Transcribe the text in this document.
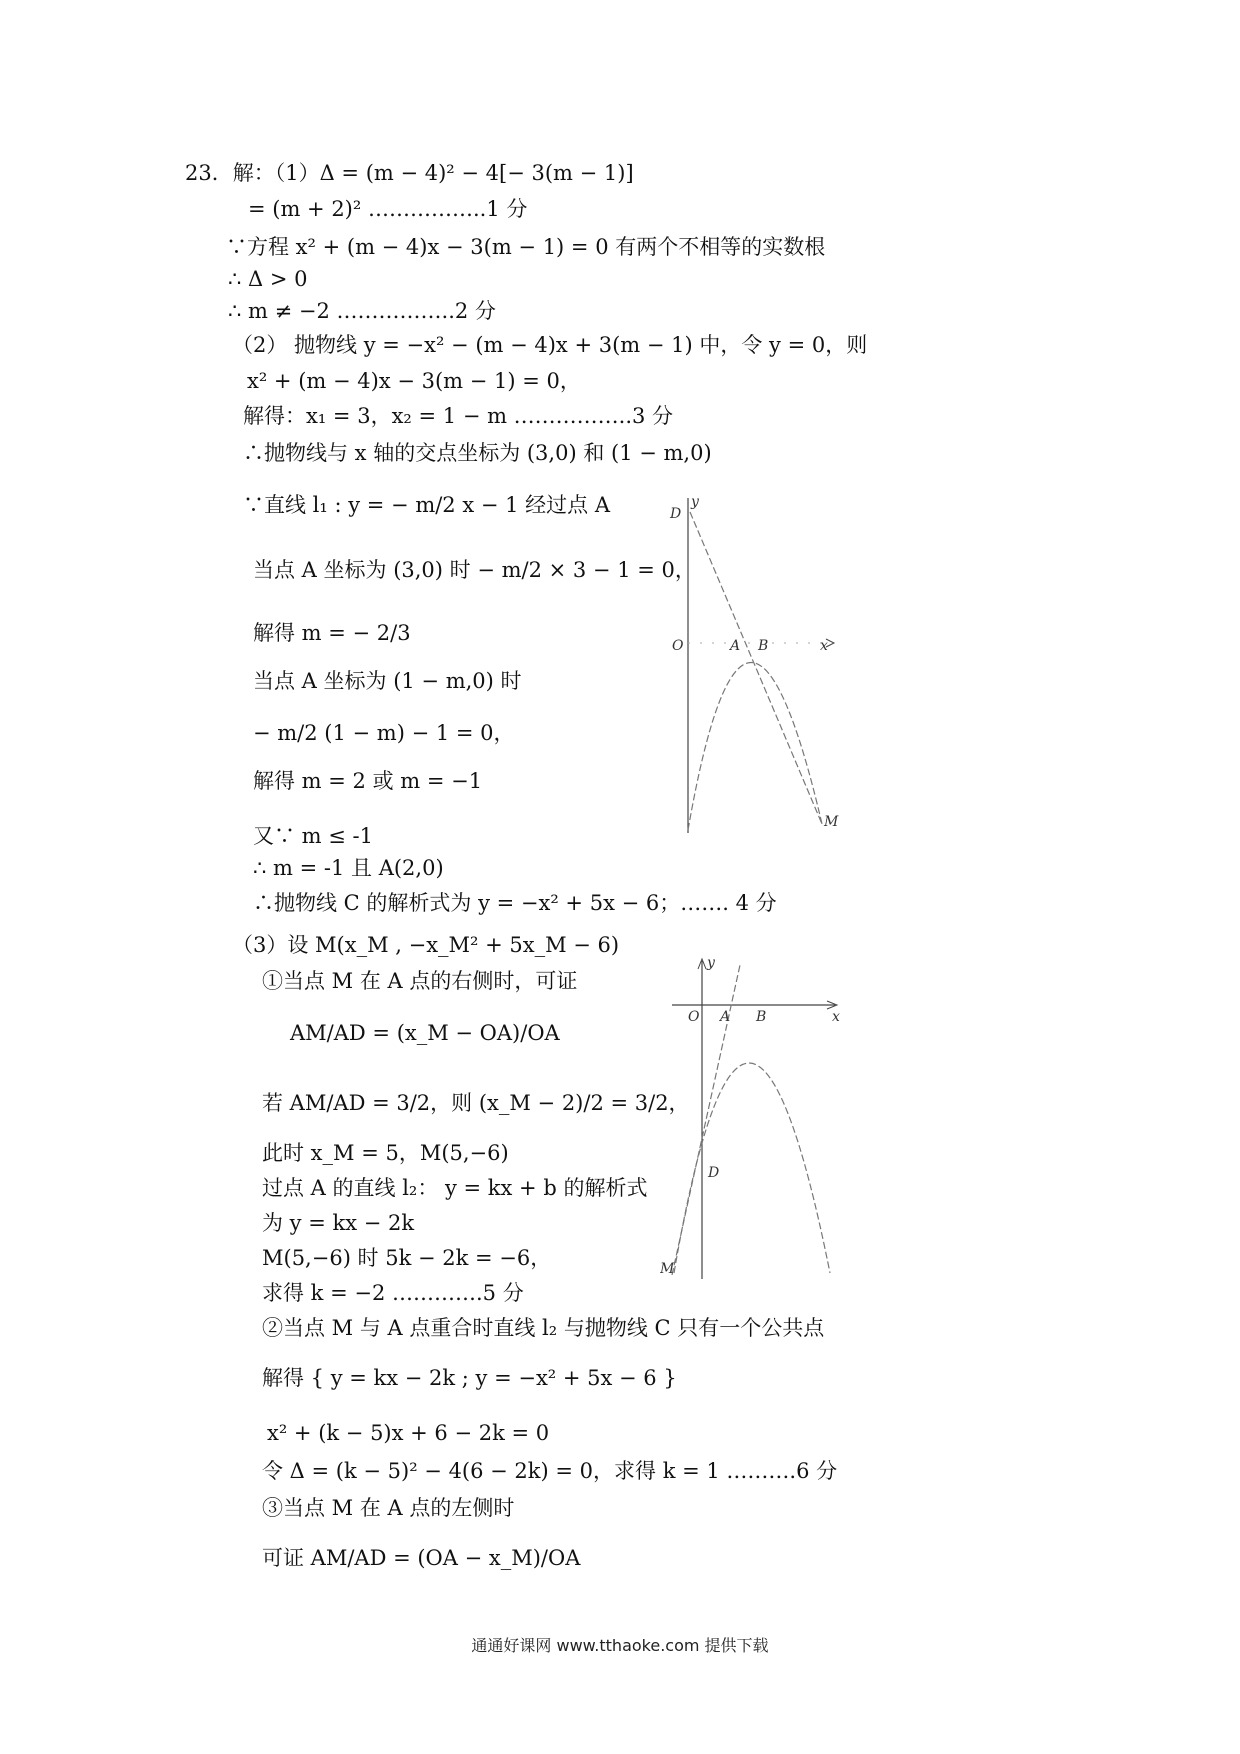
23．解：（1）Δ = (m − 4)² − 4[− 3(m − 1)]
= (m + 2)² ……………..1 分
∵方程 x² + (m − 4)x − 3(m − 1) = 0 有两个不相等的实数根
∴ Δ > 0
∴ m ≠ −2 ……………..2 分
（2） 抛物线 y = −x² − (m − 4)x + 3(m − 1) 中，令 y = 0，则
x² + (m − 4)x − 3(m − 1) = 0，
解得：x₁ = 3，x₂ = 1 − m ……………..3 分
∴抛物线与 x 轴的交点坐标为 (3,0) 和 (1 − m,0)
∵直线 l₁ : y = − m/2 x − 1 经过点 A
当点 A 坐标为 (3,0) 时 − m/2 × 3 − 1 = 0，
解得 m = − 2/3
当点 A 坐标为 (1 − m,0) 时
− m/2 (1 − m) − 1 = 0，
解得 m = 2 或 m = −1
又∵ m ≤ -1
∴ m = -1 且 A(2,0)
∴抛物线 C 的解析式为 y = −x² + 5x − 6；……. 4 分
（3）设 M(x_M , −x_M² + 5x_M − 6)
①当点 M 在 A 点的右侧时，可证
AM/AD = (x_M − OA)/OA
若 AM/AD = 3/2，则 (x_M − 2)/2 = 3/2，
此时 x_M = 5，M(5,−6)
过点 A 的直线 l₂： y = kx + b 的解析式
为 y = kx − 2k
M(5,−6) 时 5k − 2k = −6，
求得 k = −2 ………….5 分
②当点 M 与 A 点重合时直线 l₂ 与抛物线 C 只有一个公共点
解得 { y = kx − 2k ; y = −x² + 5x − 6 }
x² + (k − 5)x + 6 − 2k = 0
令 Δ = (k − 5)² − 4(6 − 2k) = 0，求得 k = 1 ……….6 分
③当点 M 在 A 点的左侧时
可证 AM/AD = (OA − x_M)/OA
D
y
O	A B	x
M
y
O A B	x
D
M
通通好课网 www.tthaoke.com 提供下载
